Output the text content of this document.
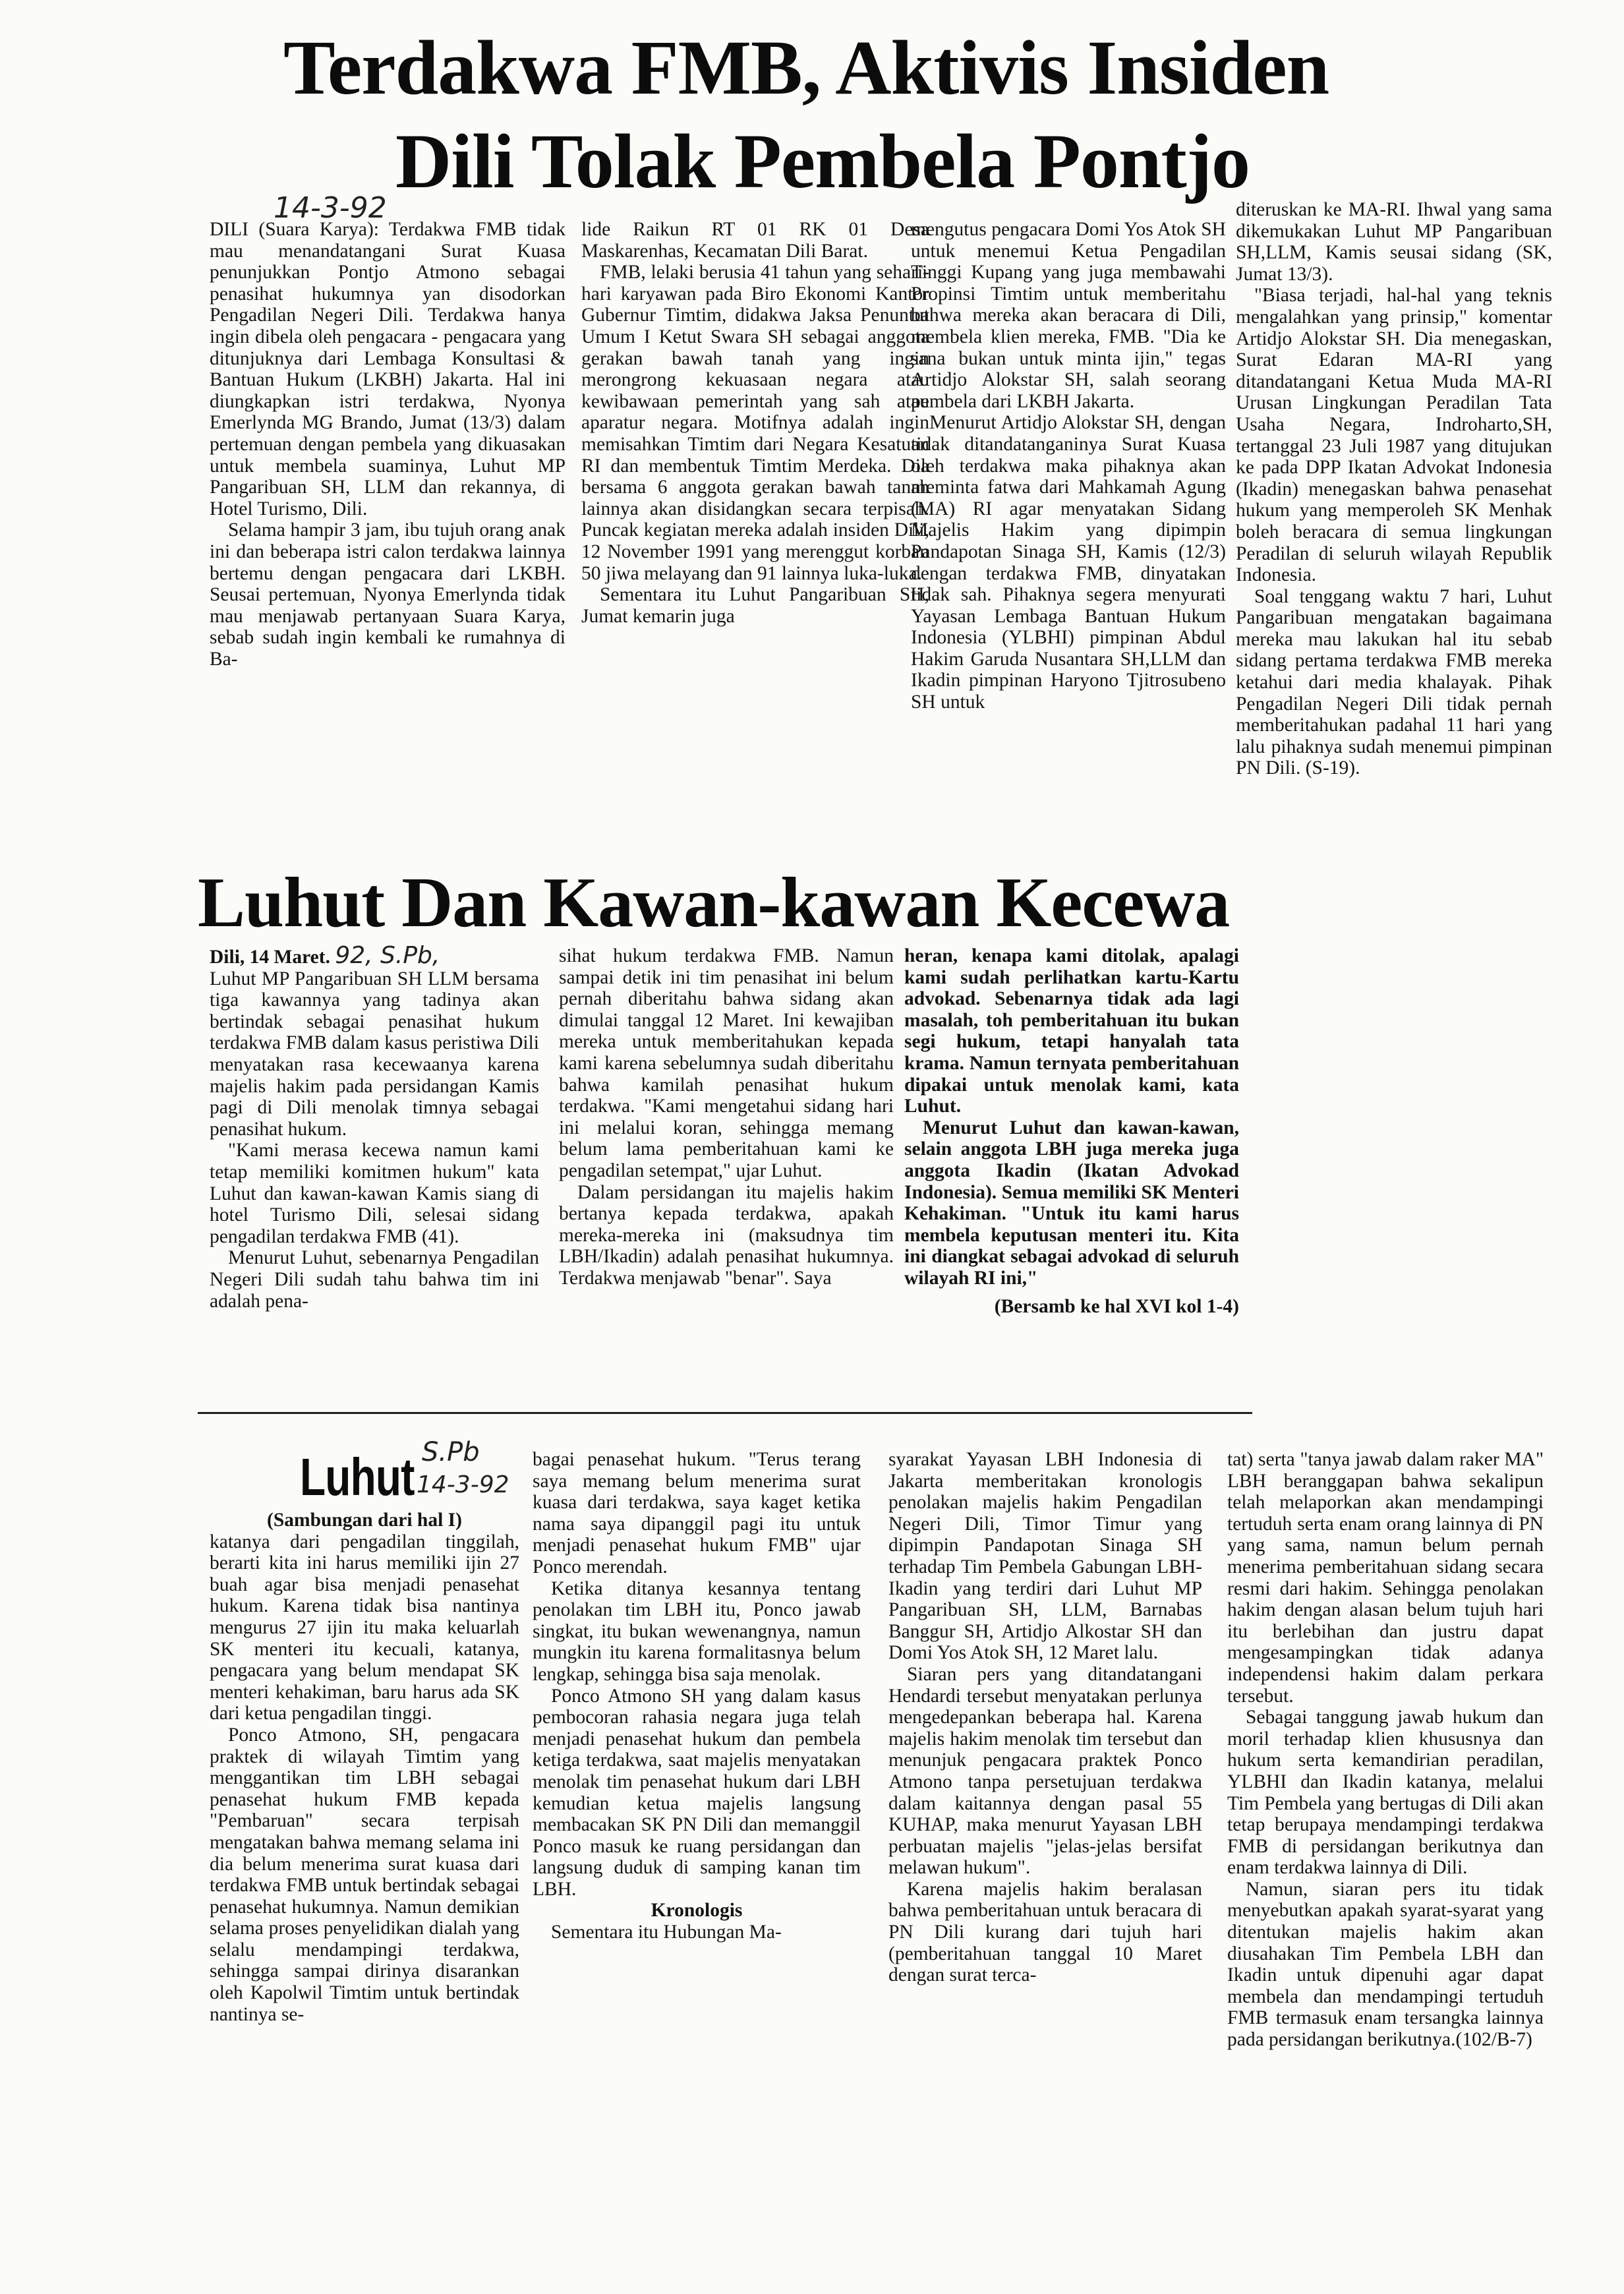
Terdakwa FMB, Aktivis Insiden
Dili Tolak Pembela Pontjo
14-3-92

DILI (Suara Karya): Terdakwa FMB tidak mau menandatangani Surat Kuasa penunjukkan Pontjo Atmono sebagai penasihat hukumnya yan disodorkan Pengadilan Negeri Dili. Terdakwa hanya ingin dibela oleh pengacara - pengacara yang ditunjuknya dari Lembaga Konsultasi & Bantuan Hukum (LKBH) Jakarta. Hal ini diungkapkan istri terdakwa, Nyonya Emerlynda MG Brando, Jumat (13/3) dalam pertemuan dengan pembela yang dikuasakan untuk membela suaminya, Luhut MP Pangaribuan SH, LLM dan rekannya, di Hotel Turismo, Dili.

Selama hampir 3 jam, ibu tujuh orang anak ini dan beberapa istri calon terdakwa lainnya bertemu dengan pengacara dari LKBH. Seusai pertemuan, Nyonya Emerlynda tidak mau menjawab pertanyaan Suara Karya, sebab sudah ingin kembali ke rumahnya di Ba-

lide Raikun RT 01 RK 01 Desa Maskarenhas, Kecamatan Dili Barat.

FMB, lelaki berusia 41 tahun yang sehari-hari karyawan pada Biro Ekonomi Kantor Gubernur Timtim, didakwa Jaksa Penuntut Umum I Ketut Swara SH sebagai anggota gerakan bawah tanah yang ingin merongrong kekuasaan negara atau kewibawaan pemerintah yang sah atau aparatur negara. Motifnya adalah ingin memisahkan Timtim dari Negara Kesatuan RI dan membentuk Timtim Merdeka. Dia bersama 6 anggota gerakan bawah tanah lainnya akan disidangkan secara terpisah. Puncak kegiatan mereka adalah insiden Dili, 12 November 1991 yang merenggut korban 50 jiwa melayang dan 91 lainnya luka-luka.

Sementara itu Luhut Pangaribuan SH, Jumat kemarin juga

mengutus pengacara Domi Yos Atok SH untuk menemui Ketua Pengadilan Tinggi Kupang yang juga membawahi Propinsi Timtim untuk memberitahu bahwa mereka akan beracara di Dili, membela klien mereka, FMB. "Dia ke sana bukan untuk minta ijin," tegas Artidjo Alokstar SH, salah seorang pembela dari LKBH Jakarta.

Menurut Artidjo Alokstar SH, dengan tidak ditandatanganinya Surat Kuasa oleh terdakwa maka pihaknya akan meminta fatwa dari Mahkamah Agung (MA) RI agar menyatakan Sidang Majelis Hakim yang dipimpin Pandapotan Sinaga SH, Kamis (12/3) dengan terdakwa FMB, dinyatakan tidak sah. Pihaknya segera menyurati Yayasan Lembaga Bantuan Hukum Indonesia (YLBHI) pimpinan Abdul Hakim Garuda Nusantara SH,LLM dan Ikadin pimpinan Haryono Tjitrosubeno SH untuk

diteruskan ke MA-RI. Ihwal yang sama dikemukakan Luhut MP Pangaribuan SH,LLM, Kamis seusai sidang (SK, Jumat 13/3).

"Biasa terjadi, hal-hal yang teknis mengalahkan yang prinsip," komentar Artidjo Alokstar SH. Dia menegaskan, Surat Edaran MA-RI yang ditandatangani Ketua Muda MA-RI Urusan Lingkungan Peradilan Tata Usaha Negara, Indroharto,SH, tertanggal 23 Juli 1987 yang ditujukan ke pada DPP Ikatan Advokat Indonesia (Ikadin) menegaskan bahwa penasehat hukum yang memperoleh SK Menhak boleh beracara di semua lingkungan Peradilan di seluruh wilayah Republik Indonesia.

Soal tenggang waktu 7 hari, Luhut Pangaribuan mengatakan bagaimana mereka mau lakukan hal itu sebab sidang pertama terdakwa FMB mereka ketahui dari media khalayak. Pihak Pengadilan Negeri Dili tidak pernah memberitahukan padahal 11 hari yang lalu pihaknya sudah menemui pimpinan PN Dili. (S-19).

Luhut Dan Kawan-kawan Kecewa

Dili, 14 Maret. 92, S.Pb,

Luhut MP Pangaribuan SH LLM bersama tiga kawannya yang tadinya akan bertindak sebagai penasihat hukum terdakwa FMB dalam kasus peristiwa Dili menyatakan rasa kecewaanya karena majelis hakim pada persidangan Kamis pagi di Dili menolak timnya sebagai penasihat hukum.

"Kami merasa kecewa namun kami tetap memiliki komitmen hukum" kata Luhut dan kawan-kawan Kamis siang di hotel Turismo Dili, selesai sidang pengadilan terdakwa FMB (41).

Menurut Luhut, sebenarnya Pengadilan Negeri Dili sudah tahu bahwa tim ini adalah pena-

sihat hukum terdakwa FMB. Namun sampai detik ini tim penasihat ini belum pernah diberitahu bahwa sidang akan dimulai tanggal 12 Maret. Ini kewajiban mereka untuk memberitahukan kepada kami karena sebelumnya sudah diberitahu bahwa kamilah penasihat hukum terdakwa. "Kami mengetahui sidang hari ini melalui koran, sehingga memang belum lama pemberitahuan kami ke pengadilan setempat," ujar Luhut.

Dalam persidangan itu majelis hakim bertanya kepada terdakwa, apakah mereka-mereka ini (maksudnya tim LBH/Ikadin) adalah penasihat hukumnya. Terdakwa menjawab "benar". Saya

heran, kenapa kami ditolak, apalagi kami sudah perlihatkan kartu-Kartu advokad. Sebenarnya tidak ada lagi masalah, toh pemberitahuan itu bukan segi hukum, tetapi hanyalah tata krama. Namun ternyata pemberitahuan dipakai untuk menolak kami, kata Luhut.

Menurut Luhut dan kawan-kawan, selain anggota LBH juga mereka juga anggota Ikadin (Ikatan Advokad Indonesia). Semua memiliki SK Menteri Kehakiman. "Untuk itu kami harus membela keputusan menteri itu. Kita ini diangkat sebagai advokad di seluruh wilayah RI ini,"

(Bersamb ke hal XVI kol 1-4)

Luhut S.Pb
14-3-92

(Sambungan dari hal I)

katanya dari pengadilan tinggilah, berarti kita ini harus memiliki ijin 27 buah agar bisa menjadi penasehat hukum. Karena tidak bisa nantinya mengurus 27 ijin itu maka keluarlah SK menteri itu kecuali, katanya, pengacara yang belum mendapat SK menteri kehakiman, baru harus ada SK dari ketua pengadilan tinggi.

Ponco Atmono, SH, pengacara praktek di wilayah Timtim yang menggantikan tim LBH sebagai penasehat hukum FMB kepada "Pembaruan" secara terpisah mengatakan bahwa memang selama ini dia belum menerima surat kuasa dari terdakwa FMB untuk bertindak sebagai penasehat hukumnya. Namun demikian selama proses penyelidikan dialah yang selalu mendampingi terdakwa, sehingga sampai dirinya disarankan oleh Kapolwil Timtim untuk bertindak nantinya se-

bagai penasehat hukum. "Terus terang saya memang belum menerima surat kuasa dari terdakwa, saya kaget ketika nama saya dipanggil pagi itu untuk menjadi penasehat hukum FMB" ujar Ponco merendah.

Ketika ditanya kesannya tentang penolakan tim LBH itu, Ponco jawab singkat, itu bukan wewenangnya, namun mungkin itu karena formalitasnya belum lengkap, sehingga bisa saja menolak.

Ponco Atmono SH yang dalam kasus pembocoran rahasia negara juga telah menjadi penasehat hukum dan pembela ketiga terdakwa, saat majelis menyatakan menolak tim penasehat hukum dari LBH kemudian ketua majelis langsung membacakan SK PN Dili dan memanggil Ponco masuk ke ruang persidangan dan langsung duduk di samping kanan tim LBH.

Kronologis

Sementara itu Hubungan Ma-

syarakat Yayasan LBH Indonesia di Jakarta memberitakan kronologis penolakan majelis hakim Pengadilan Negeri Dili, Timor Timur yang dipimpin Pandapotan Sinaga SH terhadap Tim Pembela Gabungan LBH-Ikadin yang terdiri dari Luhut MP Pangaribuan SH, LLM, Barnabas Banggur SH, Artidjo Alkostar SH dan Domi Yos Atok SH, 12 Maret lalu.

Siaran pers yang ditandatangani Hendardi tersebut menyatakan perlunya mengedepankan beberapa hal. Karena majelis hakim menolak tim tersebut dan menunjuk pengacara praktek Ponco Atmono tanpa persetujuan terdakwa dalam kaitannya dengan pasal 55 KUHAP, maka menurut Yayasan LBH perbuatan majelis "jelas-jelas bersifat melawan hukum".

Karena majelis hakim beralasan bahwa pemberitahuan untuk beracara di PN Dili kurang dari tujuh hari (pemberitahuan tanggal 10 Maret dengan surat terca-

tat) serta "tanya jawab dalam raker MA" LBH beranggapan bahwa sekalipun telah melaporkan akan mendampingi tertuduh serta enam orang lainnya di PN yang sama, namun belum pernah menerima pemberitahuan sidang secara resmi dari hakim. Sehingga penolakan hakim dengan alasan belum tujuh hari itu berlebihan dan justru dapat mengesampingkan tidak adanya independensi hakim dalam perkara tersebut.

Sebagai tanggung jawab hukum dan moril terhadap klien khususnya dan hukum serta kemandirian peradilan, YLBHI dan Ikadin katanya, melalui Tim Pembela yang bertugas di Dili akan tetap berupaya mendampingi terdakwa FMB di persidangan berikutnya dan enam terdakwa lainnya di Dili.

Namun, siaran pers itu tidak menyebutkan apakah syarat-syarat yang ditentukan majelis hakim akan diusahakan Tim Pembela LBH dan Ikadin untuk dipenuhi agar dapat membela dan mendampingi tertuduh FMB termasuk enam tersangka lainnya pada persidangan berikutnya.(102/B-7)
